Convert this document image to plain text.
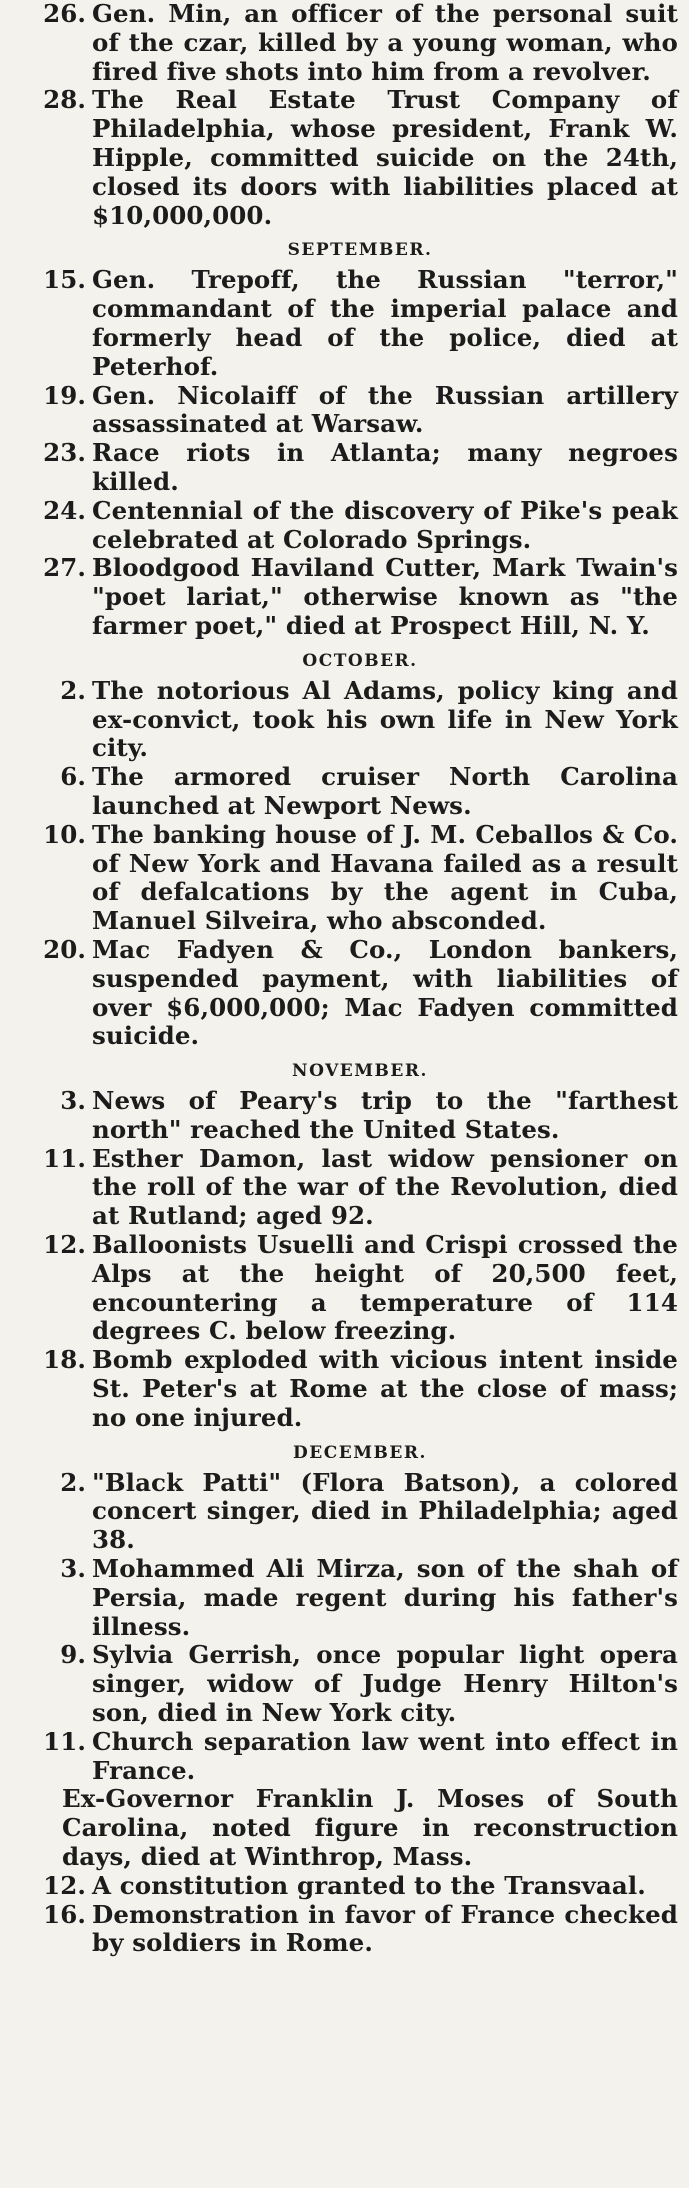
26. Gen. Min, an officer of the personal suit of the czar, killed by a young woman, who fired five shots into him from a revolver.

28. The Real Estate Trust Company of Philadelphia, whose president, Frank W. Hipple, committed suicide on the 24th, closed its doors with liabilities placed at $10,000,000.

SEPTEMBER.

15. Gen. Trepoff, the Russian "terror," commandant of the imperial palace and formerly head of the police, died at Peterhof.

19. Gen. Nicolaiff of the Russian artillery assassinated at Warsaw.

23. Race riots in Atlanta; many negroes killed.

24. Centennial of the discovery of Pike's peak celebrated at Colorado Springs.

27. Bloodgood Haviland Cutter, Mark Twain's "poet lariat," otherwise known as "the farmer poet," died at Prospect Hill, N. Y.

OCTOBER.

2. The notorious Al Adams, policy king and ex-convict, took his own life in New York city.

6. The armored cruiser North Carolina launched at Newport News.

10. The banking house of J. M. Ceballos & Co. of New York and Havana failed as a result of defalcations by the agent in Cuba, Manuel Silveira, who absconded.

20. Mac Fadyen & Co., London bankers, suspended payment, with liabilities of over $6,000,000; Mac Fadyen committed suicide.

NOVEMBER.

3. News of Peary's trip to the "farthest north" reached the United States.

11. Esther Damon, last widow pensioner on the roll of the war of the Revolution, died at Rutland; aged 92.

12. Balloonists Usuelli and Crispi crossed the Alps at the height of 20,500 feet, encountering a temperature of 114 degrees C. below freezing.

18. Bomb exploded with vicious intent inside St. Peter's at Rome at the close of mass; no one injured.

DECEMBER.

2. "Black Patti" (Flora Batson), a colored concert singer, died in Philadelphia; aged 38.

3. Mohammed Ali Mirza, son of the shah of Persia, made regent during his father's illness.

9. Sylvia Gerrish, once popular light opera singer, widow of Judge Henry Hilton's son, died in New York city.

11. Church separation law went into effect in France.

Ex-Governor Franklin J. Moses of South Carolina, noted figure in reconstruction days, died at Winthrop, Mass.

12. A constitution granted to the Transvaal.

16. Demonstration in favor of France checked by soldiers in Rome.
